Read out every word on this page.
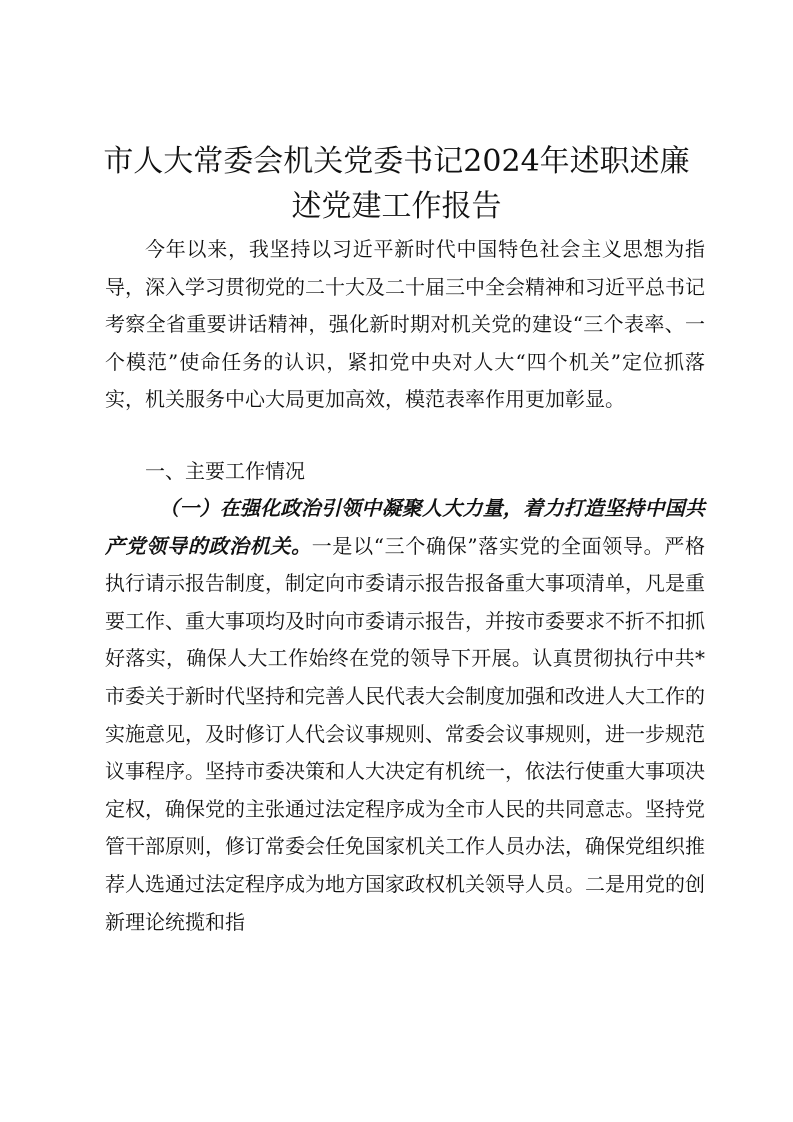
市人大常委会机关党委书记2024年述职述廉
述党建工作报告

今年以来，我坚持以习近平新时代中国特色社会主义思想为指导，深入学习贯彻党的二十大及二十届三中全会精神和习近平总书记考察全省重要讲话精神，强化新时期对机关党的建设“三个表率、一个模范”使命任务的认识，紧扣党中央对人大“四个机关”定位抓落实，机关服务中心大局更加高效，模范表率作用更加彰显。

一、主要工作情况

（一）在强化政治引领中凝聚人大力量，着力打造坚持中国共产党领导的政治机关。一是以“三个确保”落实党的全面领导。严格执行请示报告制度，制定向市委请示报告报备重大事项清单，凡是重要工作、重大事项均及时向市委请示报告，并按市委要求不折不扣抓好落实，确保人大工作始终在党的领导下开展。认真贯彻执行中共*市委关于新时代坚持和完善人民代表大会制度加强和改进人大工作的实施意见，及时修订人代会议事规则、常委会议事规则，进一步规范议事程序。坚持市委决策和人大决定有机统一，依法行使重大事项决定权，确保党的主张通过法定程序成为全市人民的共同意志。坚持党管干部原则，修订常委会任免国家机关工作人员办法，确保党组织推荐人选通过法定程序成为地方国家政权机关领导人员。二是用党的创新理论统揽和指
